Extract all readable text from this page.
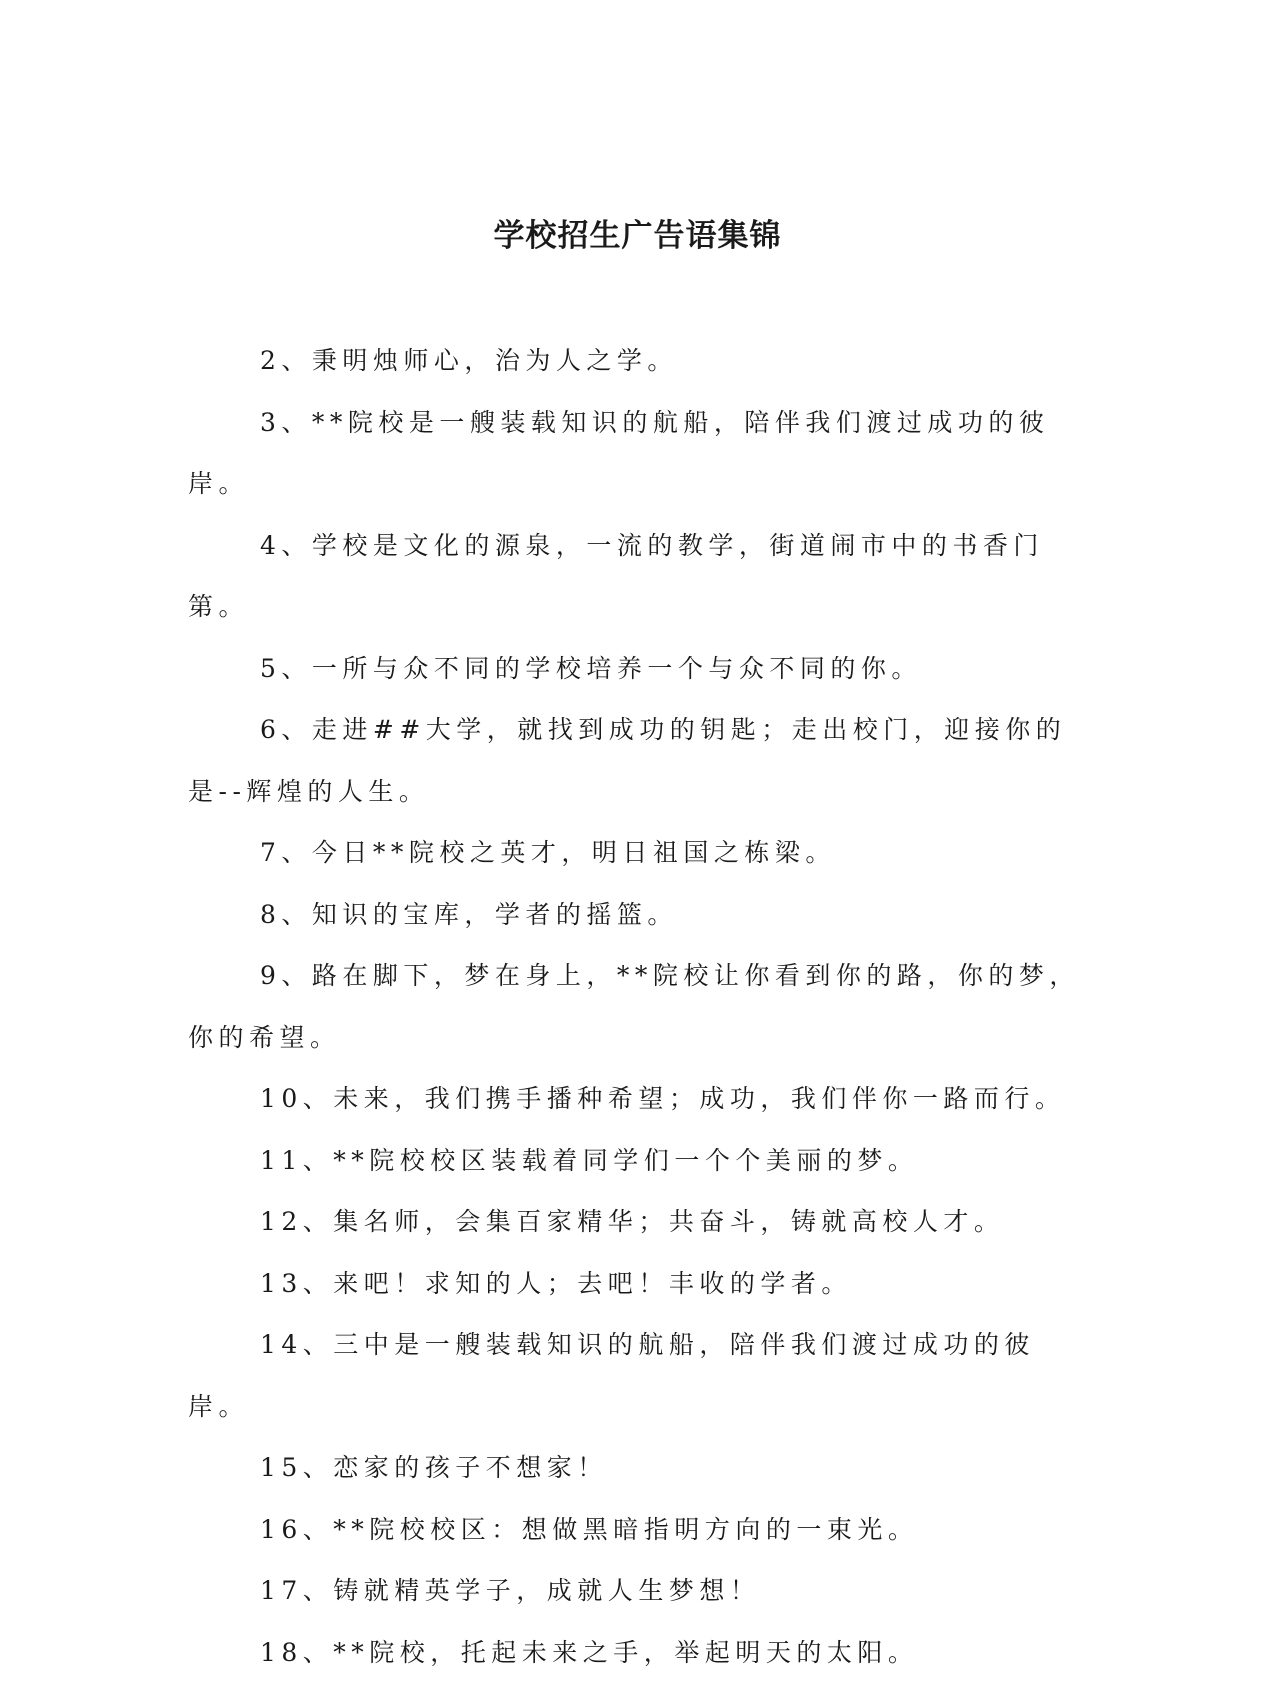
学校招生广告语集锦

2、秉明烛师心，治为人之学。

3、**院校是一艘装载知识的航船，陪伴我们渡过成功的彼岸。

4、学校是文化的源泉，一流的教学，街道闹市中的书香门第。

5、一所与众不同的学校培养一个与众不同的你。

6、走进##大学，就找到成功的钥匙；走出校门，迎接你的是--辉煌的人生。

7、今日**院校之英才，明日祖国之栋梁。

8、知识的宝库，学者的摇篮。

9、路在脚下，梦在身上，**院校让你看到你的路，你的梦，你的希望。

10、未来，我们携手播种希望；成功，我们伴你一路而行。

11、**院校校区装载着同学们一个个美丽的梦。

12、集名师，会集百家精华；共奋斗，铸就高校人才。

13、来吧！求知的人；去吧！丰收的学者。

14、三中是一艘装载知识的航船，陪伴我们渡过成功的彼岸。

15、恋家的孩子不想家！

16、**院校校区：想做黑暗指明方向的一束光。

17、铸就精英学子，成就人生梦想！

18、**院校，托起未来之手，举起明天的太阳。
